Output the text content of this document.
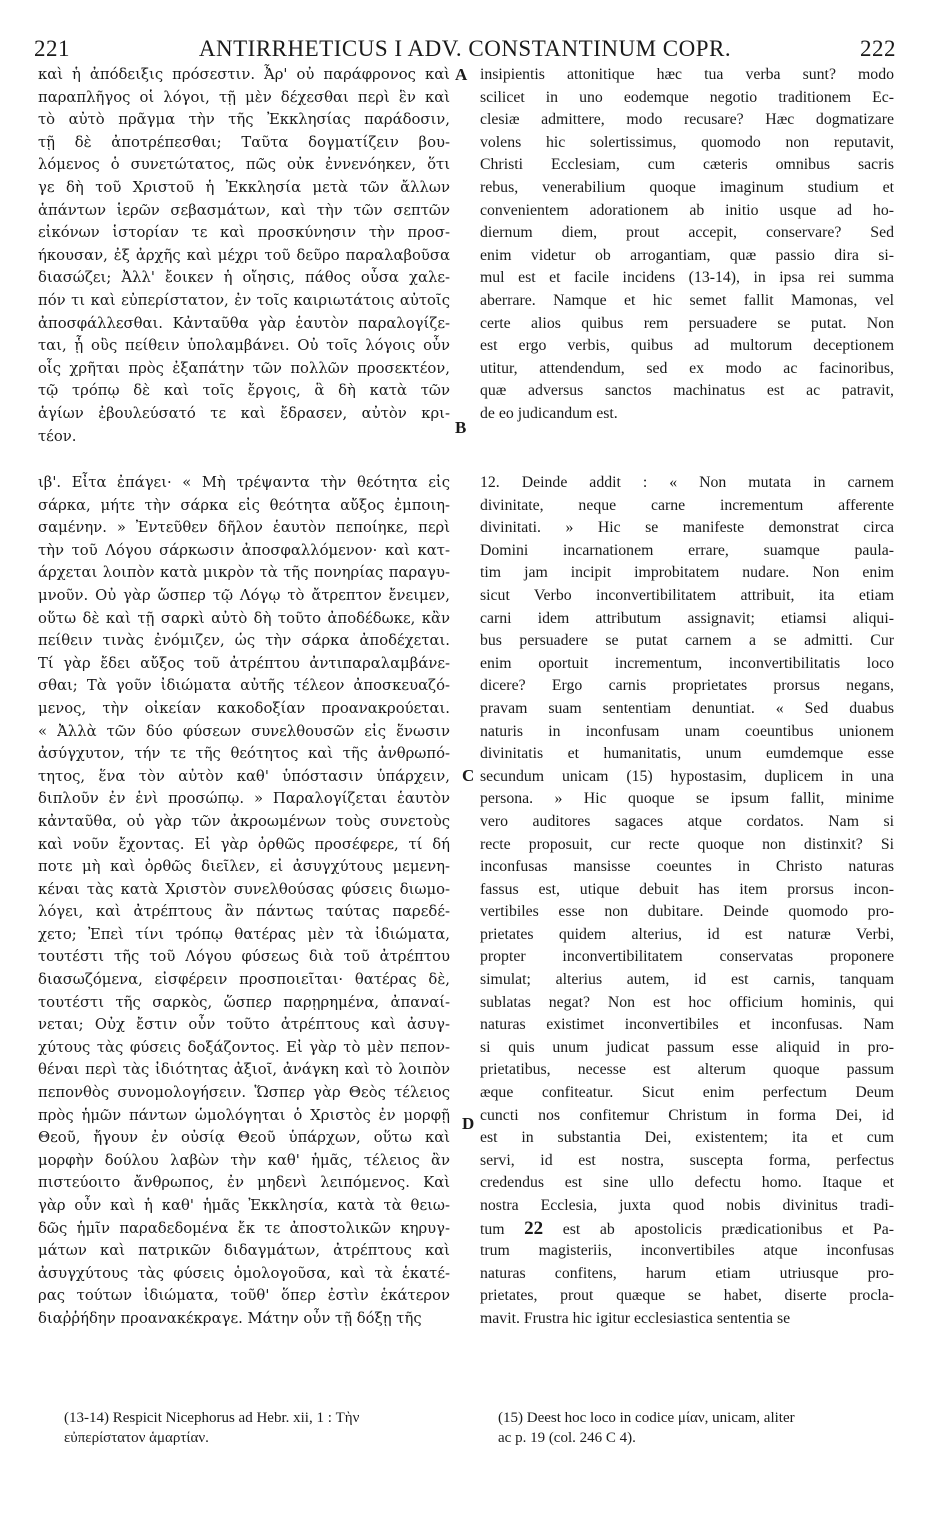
221	ANTIRRHETICUS I ADV. CONSTANTINUM COPR.	222
καὶ ἡ ἀπόδειξις πρόσεστιν. Ἆρ' οὐ παράφρονος καὶ
παραπλῆγος οἱ λόγοι, τῇ μὲν δέχεσθαι περὶ ἓν καὶ
τὸ αὐτὸ πρᾶγμα τὴν τῆς Ἐκκλησίας παράδοσιν,
τῇ δὲ ἀποτρέπεσθαι; Ταῦτα δογματίζειν βου-
λόμενος ὁ συνετώτατος, πῶς οὐκ ἐννενόηκεν, ὅτι
γε δὴ τοῦ Χριστοῦ ἡ Ἐκκλησία μετὰ τῶν ἄλλων
ἁπάντων ἱερῶν σεβασμάτων, καὶ τὴν τῶν σεπτῶν
εἰκόνων ἱστορίαν τε καὶ προσκύνησιν τὴν προσ-
ήκουσαν, ἐξ ἀρχῆς καὶ μέχρι τοῦ δεῦρο παραλαβοῦσα
διασώζει; Ἀλλ' ἔοικεν ἡ οἴησις, πάθος οὖσα χαλε-
πόν τι καὶ εὐπερίστατον, ἐν τοῖς καιριωτάτοις αὐτοῖς
ἀποσφάλλεσθαι. Κἀνταῦθα γὰρ ἑαυτὸν παραλογίζε-
ται, ᾗ οὓς πείθειν ὑπολαμβάνει. Οὐ τοῖς λόγοις οὖν
οἷς χρῆται πρὸς ἐξαπάτην τῶν πολλῶν προσεκτέον,
τῷ τρόπῳ δὲ καὶ τοῖς ἔργοις, ἃ δὴ κατὰ τῶν
ἁγίων ἐβουλεύσατό τε καὶ ἔδρασεν, αὐτὸν κρι-
τέον.
insipientis attonitique hæc tua verba sunt? modo
scilicet in uno eodemque negotio traditionem Ec-
clesiæ admittere, modo recusare? Hæc dogmatizare
volens hic solertissimus, quomodo non reputavit,
Christi Ecclesiam, cum cæteris omnibus sacris
rebus, venerabilium quoque imaginum studium et
convenientem adorationem ab initio usque ad ho-
diernum diem, prout accepit, conservare? Sed
enim videtur ob arrogantiam, quæ passio dira si-
mul est et facile incidens (13-14), in ipsa rei summa
aberrare. Namque et hic semet fallit Mamonas, vel
certe alios quibus rem persuadere se putat. Non
est ergo verbis, quibus ad multorum deceptionem
utitur, attendendum, sed ex modo ac facinoribus,
quæ adversus sanctos machinatus est ac patravit,
de eo judicandum est.
ιβ'. Εἶτα ἐπάγει· « Μὴ τρέψαντα τὴν θεότητα εἰς
σάρκα, μήτε τὴν σάρκα εἰς θεότητα αὔξος ἐμποιη-
σαμένην. » Ἐντεῦθεν δῆλον ἑαυτὸν πεποίηκε, περὶ
τὴν τοῦ Λόγου σάρκωσιν ἀποσφαλλόμενον· καὶ κατ-
άρχεται λοιπὸν κατὰ μικρὸν τὰ τῆς πονηρίας παραγυ-
μνοῦν. Οὐ γὰρ ὥσπερ τῷ Λόγῳ τὸ ἄτρεπτον ἔνειμεν,
οὕτω δὲ καὶ τῇ σαρκὶ αὐτὸ δὴ τοῦτο ἀποδέδωκε, κἂν
πείθειν τινὰς ἐνόμιζεν, ὡς τὴν σάρκα ἀποδέχεται.
Τί γὰρ ἔδει αὔξος τοῦ ἀτρέπτου ἀντιπαραλαμβάνε-
σθαι; Τὰ γοῦν ἰδιώματα αὐτῆς τέλεον ἀποσκευαζό-
μενος, τὴν οἰκείαν κακοδοξίαν προανακρούεται.
« Ἀλλὰ τῶν δύο φύσεων συνελθουσῶν εἰς ἕνωσιν
ἀσύγχυτον, τήν τε τῆς θεότητος καὶ τῆς ἀνθρωπό-
τητος, ἕνα τὸν αὐτὸν καθ' ὑπόστασιν ὑπάρχειν,
διπλοῦν ἐν ἑνὶ προσώπῳ. » Παραλογίζεται ἑαυτὸν
κἀνταῦθα, οὐ γὰρ τῶν ἀκροωμένων τοὺς συνετοὺς
καὶ νοῦν ἔχοντας. Εἰ γὰρ ὀρθῶς προσέφερε, τί δή
ποτε μὴ καὶ ὀρθῶς διεῖλεν, εἰ ἀσυγχύτους μεμενη-
κέναι τὰς κατὰ Χριστὸν συνελθούσας φύσεις διωμο-
λόγει, καὶ ἀτρέπτους ἂν πάντως ταύτας παρεδέ-
χετο; Ἐπεὶ τίνι τρόπῳ θατέρας μὲν τὰ ἰδιώματα,
τουτέστι τῆς τοῦ Λόγου φύσεως διὰ τοῦ ἀτρέπτου
διασωζόμενα, εἰσφέρειν προσποιεῖται· θατέρας δὲ,
τουτέστι τῆς σαρκὸς, ὥσπερ παρῃρημένα, ἀπαναί-
νεται; Οὐχ ἔστιν οὖν τοῦτο ἀτρέπτους καὶ ἀσυγ-
χύτους τὰς φύσεις δοξάζοντος. Εἰ γὰρ τὸ μὲν πεπον-
θέναι περὶ τὰς ἰδιότητας ἀξιοῖ, ἀνάγκη καὶ τὸ λοιπὸν
πεπονθὸς συνομολογήσειν. Ὥσπερ γὰρ Θεὸς τέλειος
πρὸς ἡμῶν πάντων ὡμολόγηται ὁ Χριστὸς ἐν μορφῇ
Θεοῦ, ἤγουν ἐν οὐσίᾳ Θεοῦ ὑπάρχων, οὕτω καὶ
μορφὴν δούλου λαβὼν τὴν καθ' ἡμᾶς, τέλειος ἂν
πιστεύοιτο ἄνθρωπος, ἐν μηδενὶ λειπόμενος. Καὶ
γὰρ οὖν καὶ ἡ καθ' ἡμᾶς Ἐκκλησία, κατὰ τὰ θειω-
δῶς ἡμῖν παραδεδομένα ἔκ τε ἀποστολικῶν κηρυγ-
μάτων καὶ πατρικῶν διδαγμάτων, ἀτρέπτους καὶ
ἀσυγχύτους τὰς φύσεις ὁμολογοῦσα, καὶ τὰ ἑκατέ-
ρας τούτων ἰδιώματα, τοῦθ' ὅπερ ἐστὶν ἑκάτερον
διαῤῥήδην προανακέκραγε. Μάτην οὖν τῇ δόξῃ τῆς
12. Deinde addit : « Non mutata in carnem
divinitate, neque carne incrementum afferente
divinitati. » Hic se manifeste demonstrat circa
Domini incarnationem errare, suamque paula-
tim jam incipit improbitatem nudare. Non enim
sicut Verbo inconvertibilitatem attribuit, ita etiam
carni idem attributum assignavit; etiamsi aliqui-
bus persuadere se putat carnem a se admitti. Cur
enim oportuit incrementum, inconvertibilitatis loco
dicere? Ergo carnis proprietates prorsus negans,
pravam suam sententiam denuntiat. « Sed duabus
naturis in inconfusam unam coeuntibus unionem
divinitatis et humanitatis, unum eumdemque esse
secundum unicam (15) hypostasim, duplicem in una
persona. » Hic quoque se ipsum fallit, minime
vero auditores sagaces atque cordatos. Nam si
recte proposuit, cur recte quoque non distinxit? Si
inconfusas mansisse coeuntes in Christo naturas
fassus est, utique debuit has item prorsus incon-
vertibiles esse non dubitare. Deinde quomodo pro-
prietates quidem alterius, id est naturæ Verbi,
propter inconvertibilitatem conservatas proponere
simulat; alterius autem, id est carnis, tanquam
sublatas negat? Non est hoc officium hominis, qui
naturas existimet inconvertibiles et inconfusas. Nam
si quis unum judicat passum esse aliquid in pro-
prietatibus, necesse est alterum quoque passum
æque confiteatur. Sicut enim perfectum Deum
cuncti nos confitemur Christum in forma Dei, id
est in substantia Dei, existentem; ita et cum
servi, id est nostra, suscepta forma, perfectus
credendus est sine ullo defectu homo. Itaque et
nostra Ecclesia, juxta quod nobis divinitus tradi-
tum 22 est ab apostolicis prædicationibus et Pa-
trum magisteriis, inconvertibiles atque inconfusas
naturas confitens, harum etiam utriusque pro-
prietates, prout quæque se habet, diserte procla-
mavit. Frustra hic igitur ecclesiastica sententia se
A
B
C
D
(13-14) Respicit Nicephorus ad Hebr. xii, 1 : Τὴν
εὐπερίστατον ἁμαρτίαν.
(15) Deest hoc loco in codice μίαν, unicam, aliter
ac p. 19 (col. 246 C 4).
